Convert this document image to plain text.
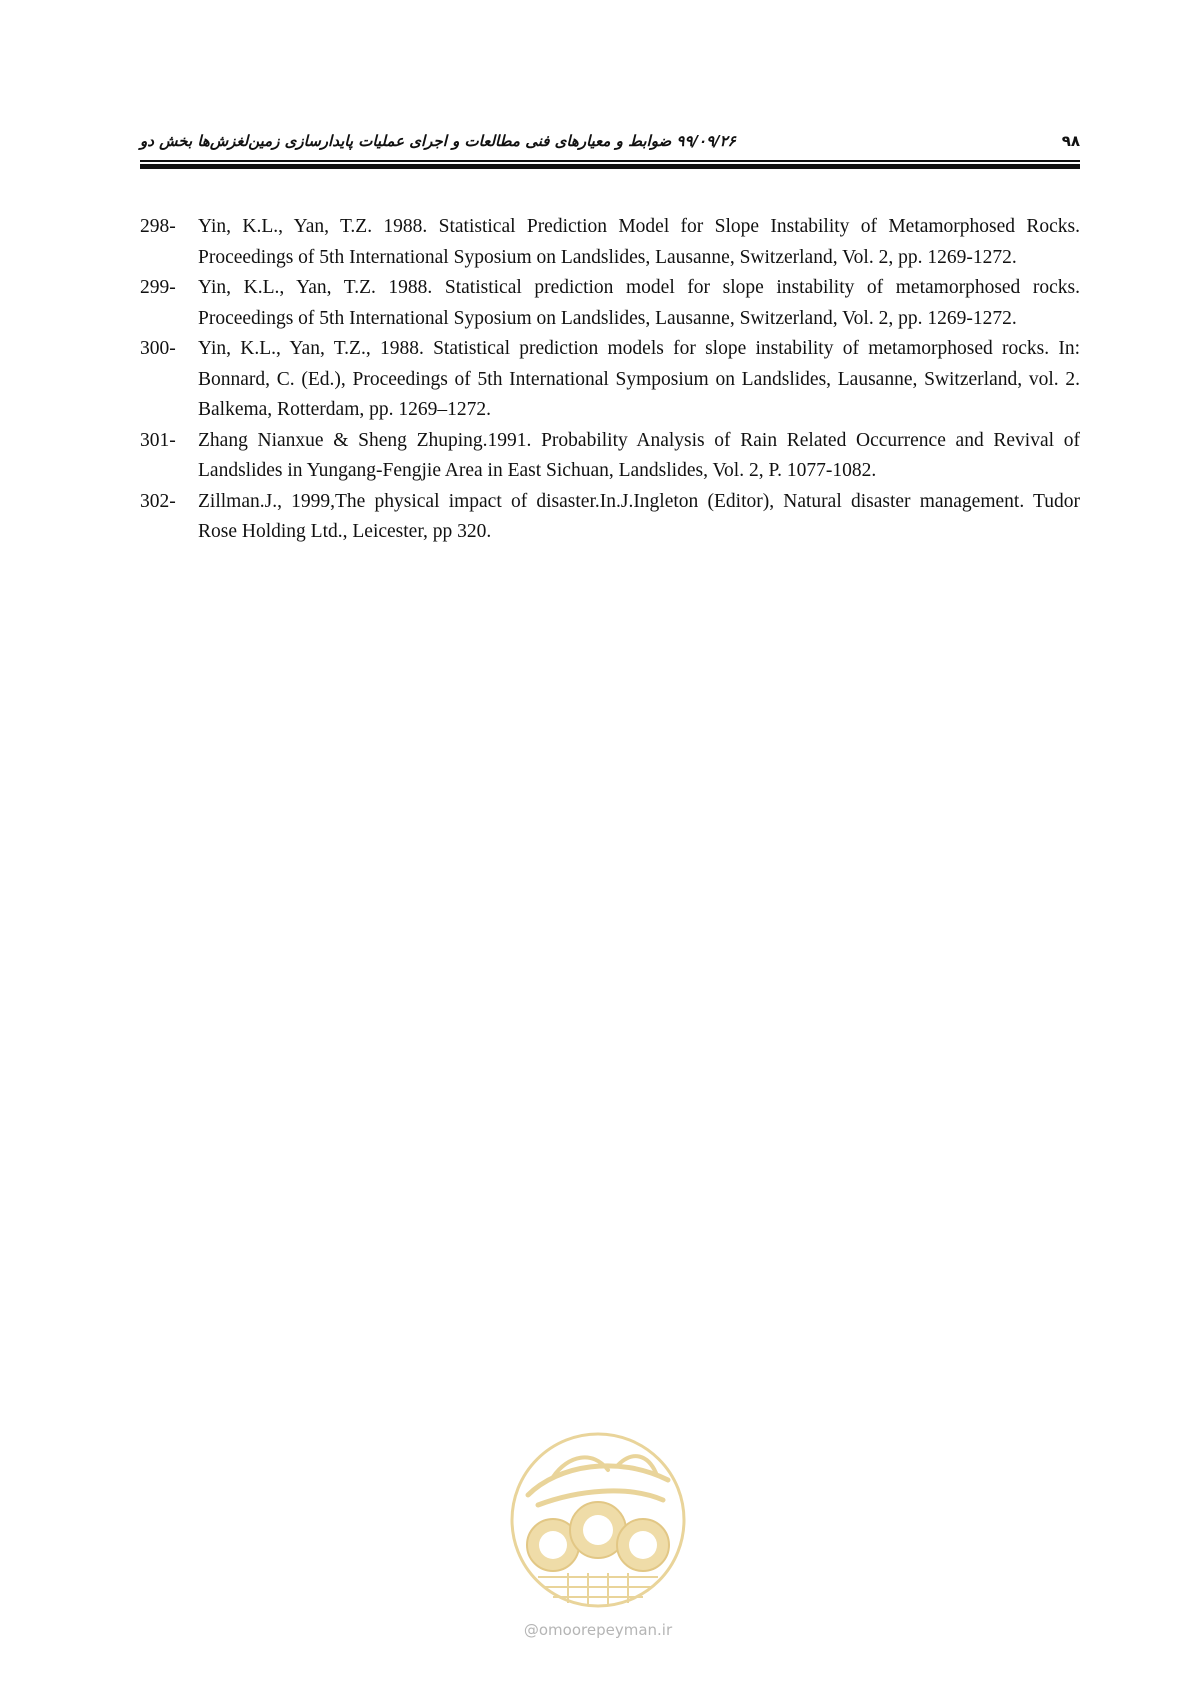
۹۹/۰۹/۲۶ ضوابط و معیارهای فنی مطالعات و اجرای عملیات پایدارسازی زمین‌لغزش‌ها بخش دو	۹۸
298- Yin, K.L., Yan, T.Z. 1988. Statistical Prediction Model for Slope Instability of Metamorphosed Rocks. Proceedings of 5th International Syposium on Landslides, Lausanne, Switzerland, Vol. 2, pp. 1269-1272.
299- Yin, K.L., Yan, T.Z. 1988. Statistical prediction model for slope instability of metamorphosed rocks. Proceedings of 5th International Syposium on Landslides, Lausanne, Switzerland, Vol. 2, pp. 1269-1272.
300- Yin, K.L., Yan, T.Z., 1988. Statistical prediction models for slope instability of metamorphosed rocks. In: Bonnard, C. (Ed.), Proceedings of 5th International Symposium on Landslides, Lausanne, Switzerland, vol. 2. Balkema, Rotterdam, pp. 1269–1272.
301- Zhang Nianxue & Sheng Zhuping.1991. Probability Analysis of Rain Related Occurrence and Revival of Landslides in Yungang-Fengjie Area in East Sichuan, Landslides, Vol. 2, P. 1077-1082.
302- Zillman.J., 1999,The physical impact of disaster.In.J.Ingleton (Editor), Natural disaster management. Tudor Rose Holding Ltd., Leicester, pp 320.
@omoorepeyman.ir
